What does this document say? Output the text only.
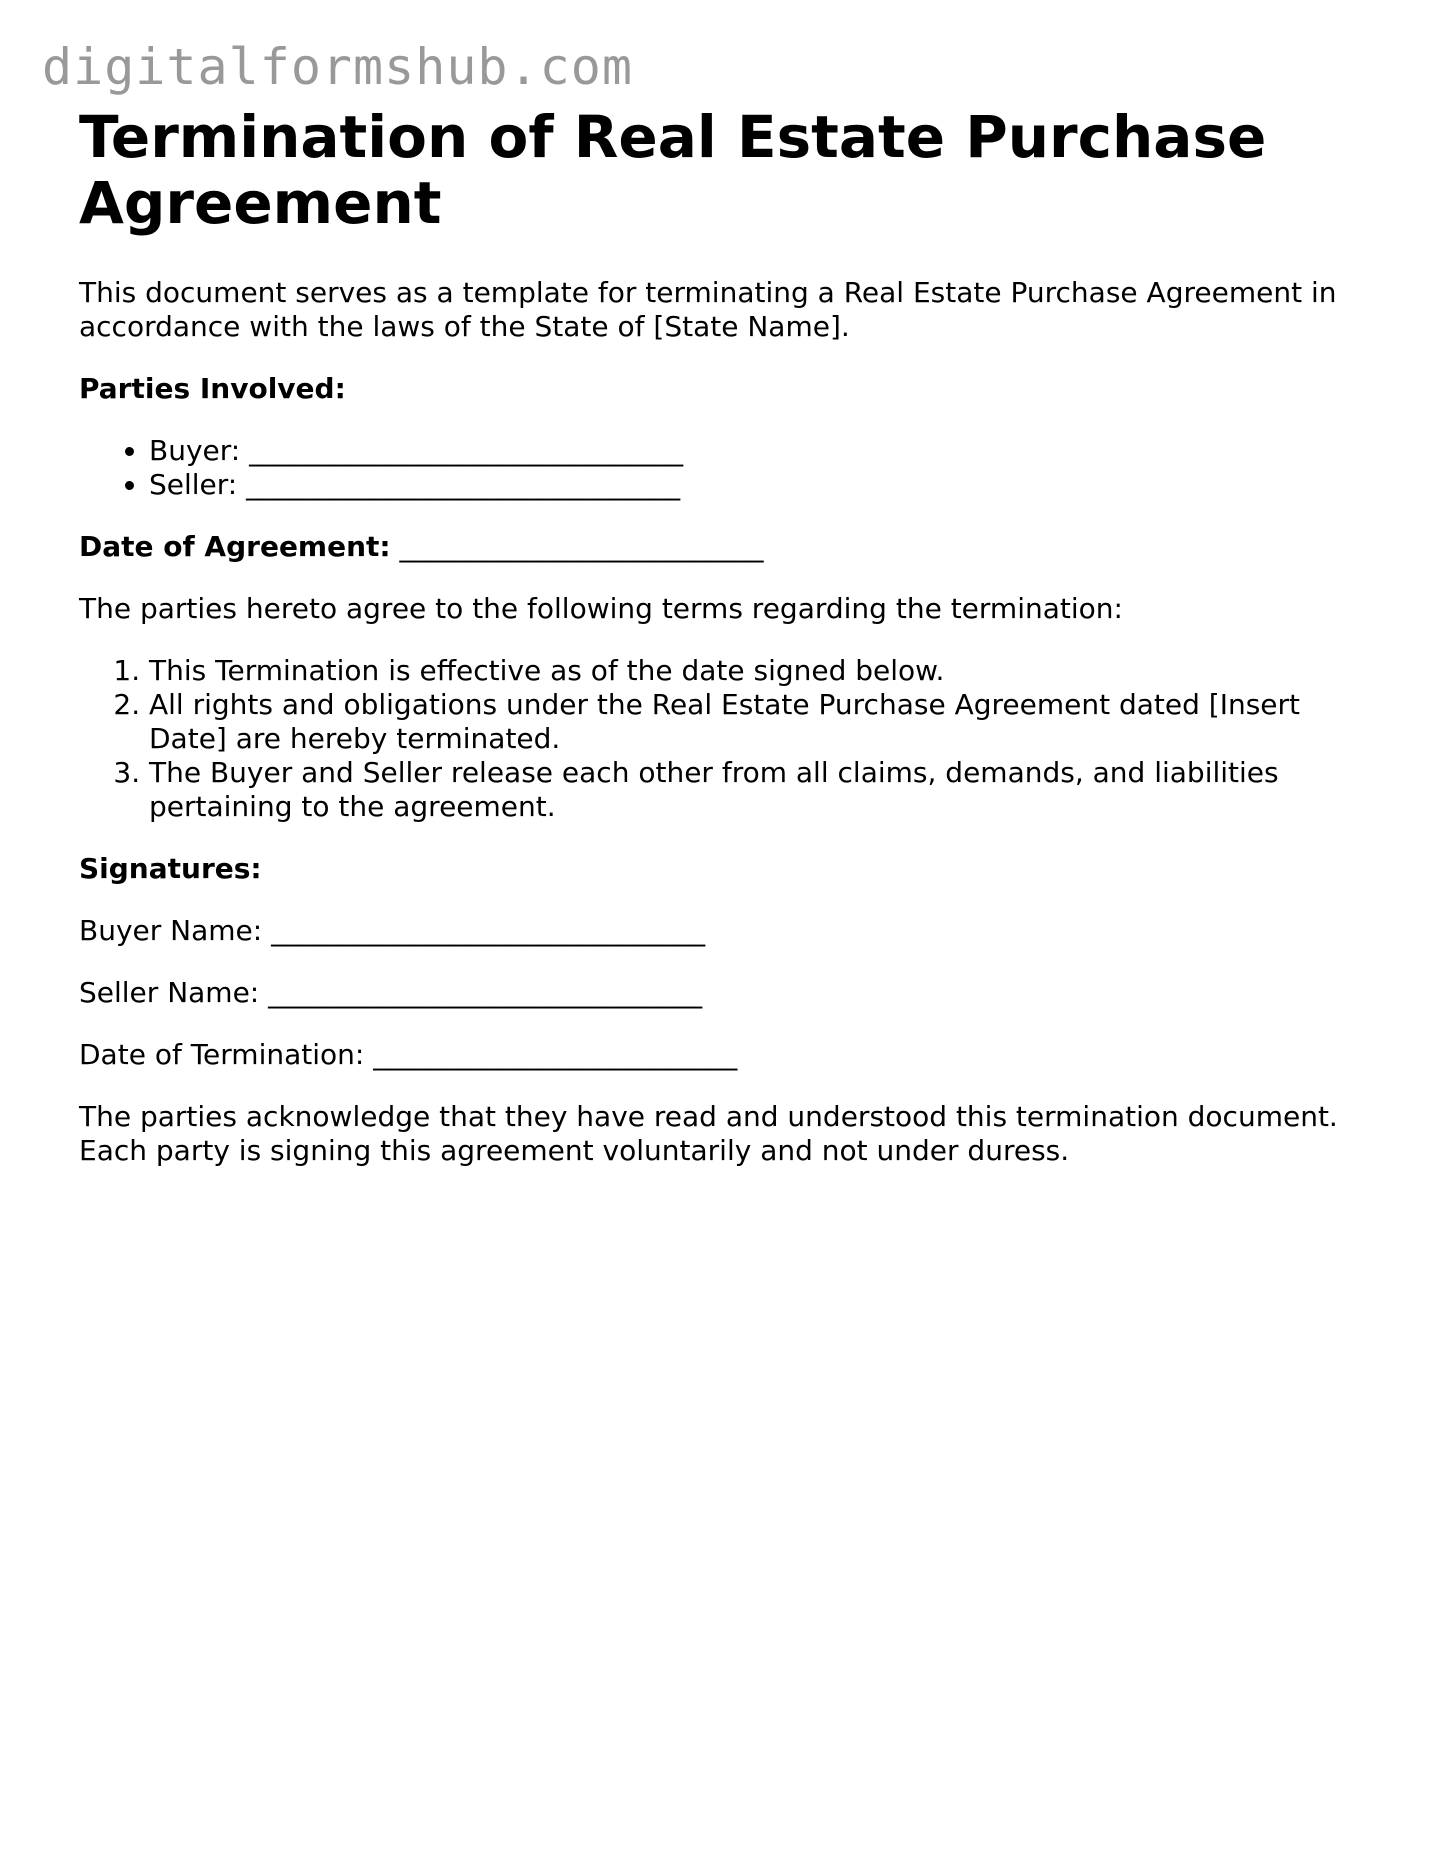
digitalformshub.com
Termination of Real Estate Purchase Agreement

This document serves as a template for terminating a Real Estate Purchase Agreement in accordance with the laws of the State of [State Name].

Parties Involved:

• Buyer: _______________________________
• Seller: _______________________________

Date of Agreement: __________________________

The parties hereto agree to the following terms regarding the termination:

1. This Termination is effective as of the date signed below.
2. All rights and obligations under the Real Estate Purchase Agreement dated [Insert Date] are hereby terminated.
3. The Buyer and Seller release each other from all claims, demands, and liabilities pertaining to the agreement.

Signatures:

Buyer Name: _______________________________

Seller Name: _______________________________

Date of Termination: __________________________

The parties acknowledge that they have read and understood this termination document. Each party is signing this agreement voluntarily and not under duress.
